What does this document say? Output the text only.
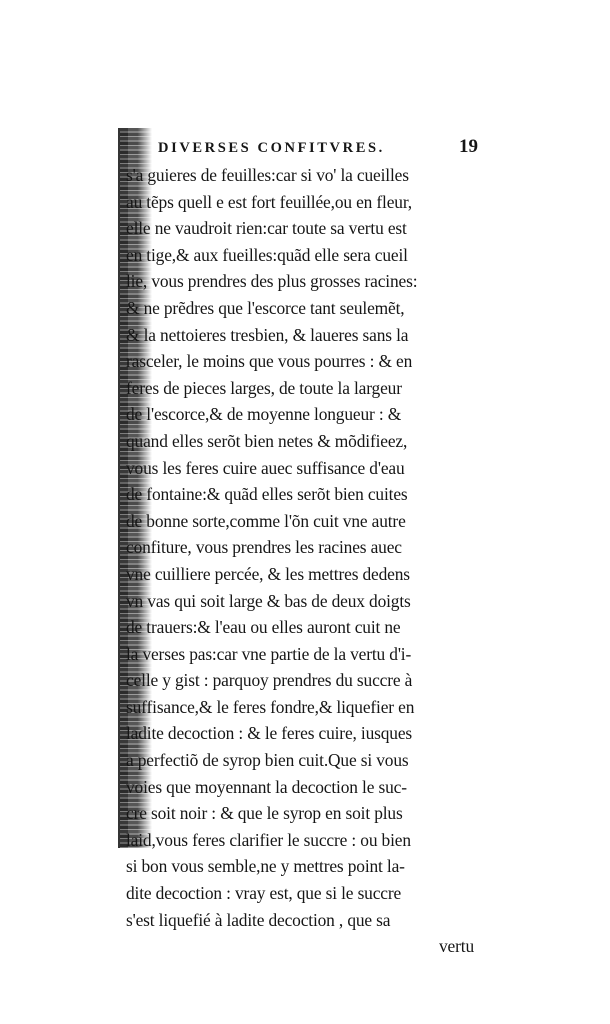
DIVERSES CONFITVRES.	19
s'a guieres de feuilles:car si vo' la cueilles
au tẽps quell e est fort feuillée,ou en fleur,
elle ne vaudroit rien:car toute sa vertu est
en tige,& aux fueilles:quãd elle sera cueil
lie, vous prendres des plus grosses racines:
& ne prẽdres que l'escorce tant seulemẽt,
& la nettoieres tresbien, & laueres sans la
rasceler, le moins que vous pourres : & en
feres de pieces larges, de toute la largeur
de l'escorce,& de moyenne longueur : &
quand elles serõt bien netes & mõdifieez,
vous les feres cuire auec suffisance d'eau
de fontaine:& quãd elles serõt bien cuites
de bonne sorte,comme l'õn cuit vne autre
confiture, vous prendres les racines auec
vne cuilliere percée, & les mettres dedens
vn vas qui soit large & bas de deux doigts
de trauers:& l'eau ou elles auront cuit ne
la verses pas:car vne partie de la vertu d'i-
celle y gist : parquoy prendres du succre à
suffisance,& le feres fondre,& liquefier en
ladite decoction : & le feres cuire, iusques
a perfectiõ de syrop bien cuit.Que si vous
voies que moyennant la decoction le suc-
cre soit noir : & que le syrop en soit plus
laid,vous feres clarifier le succre : ou bien
si bon vous semble,ne y mettres point la-
dite decoction : vray est, que si le succre
s'est liquefié à ladite decoction , que sa
vertu
